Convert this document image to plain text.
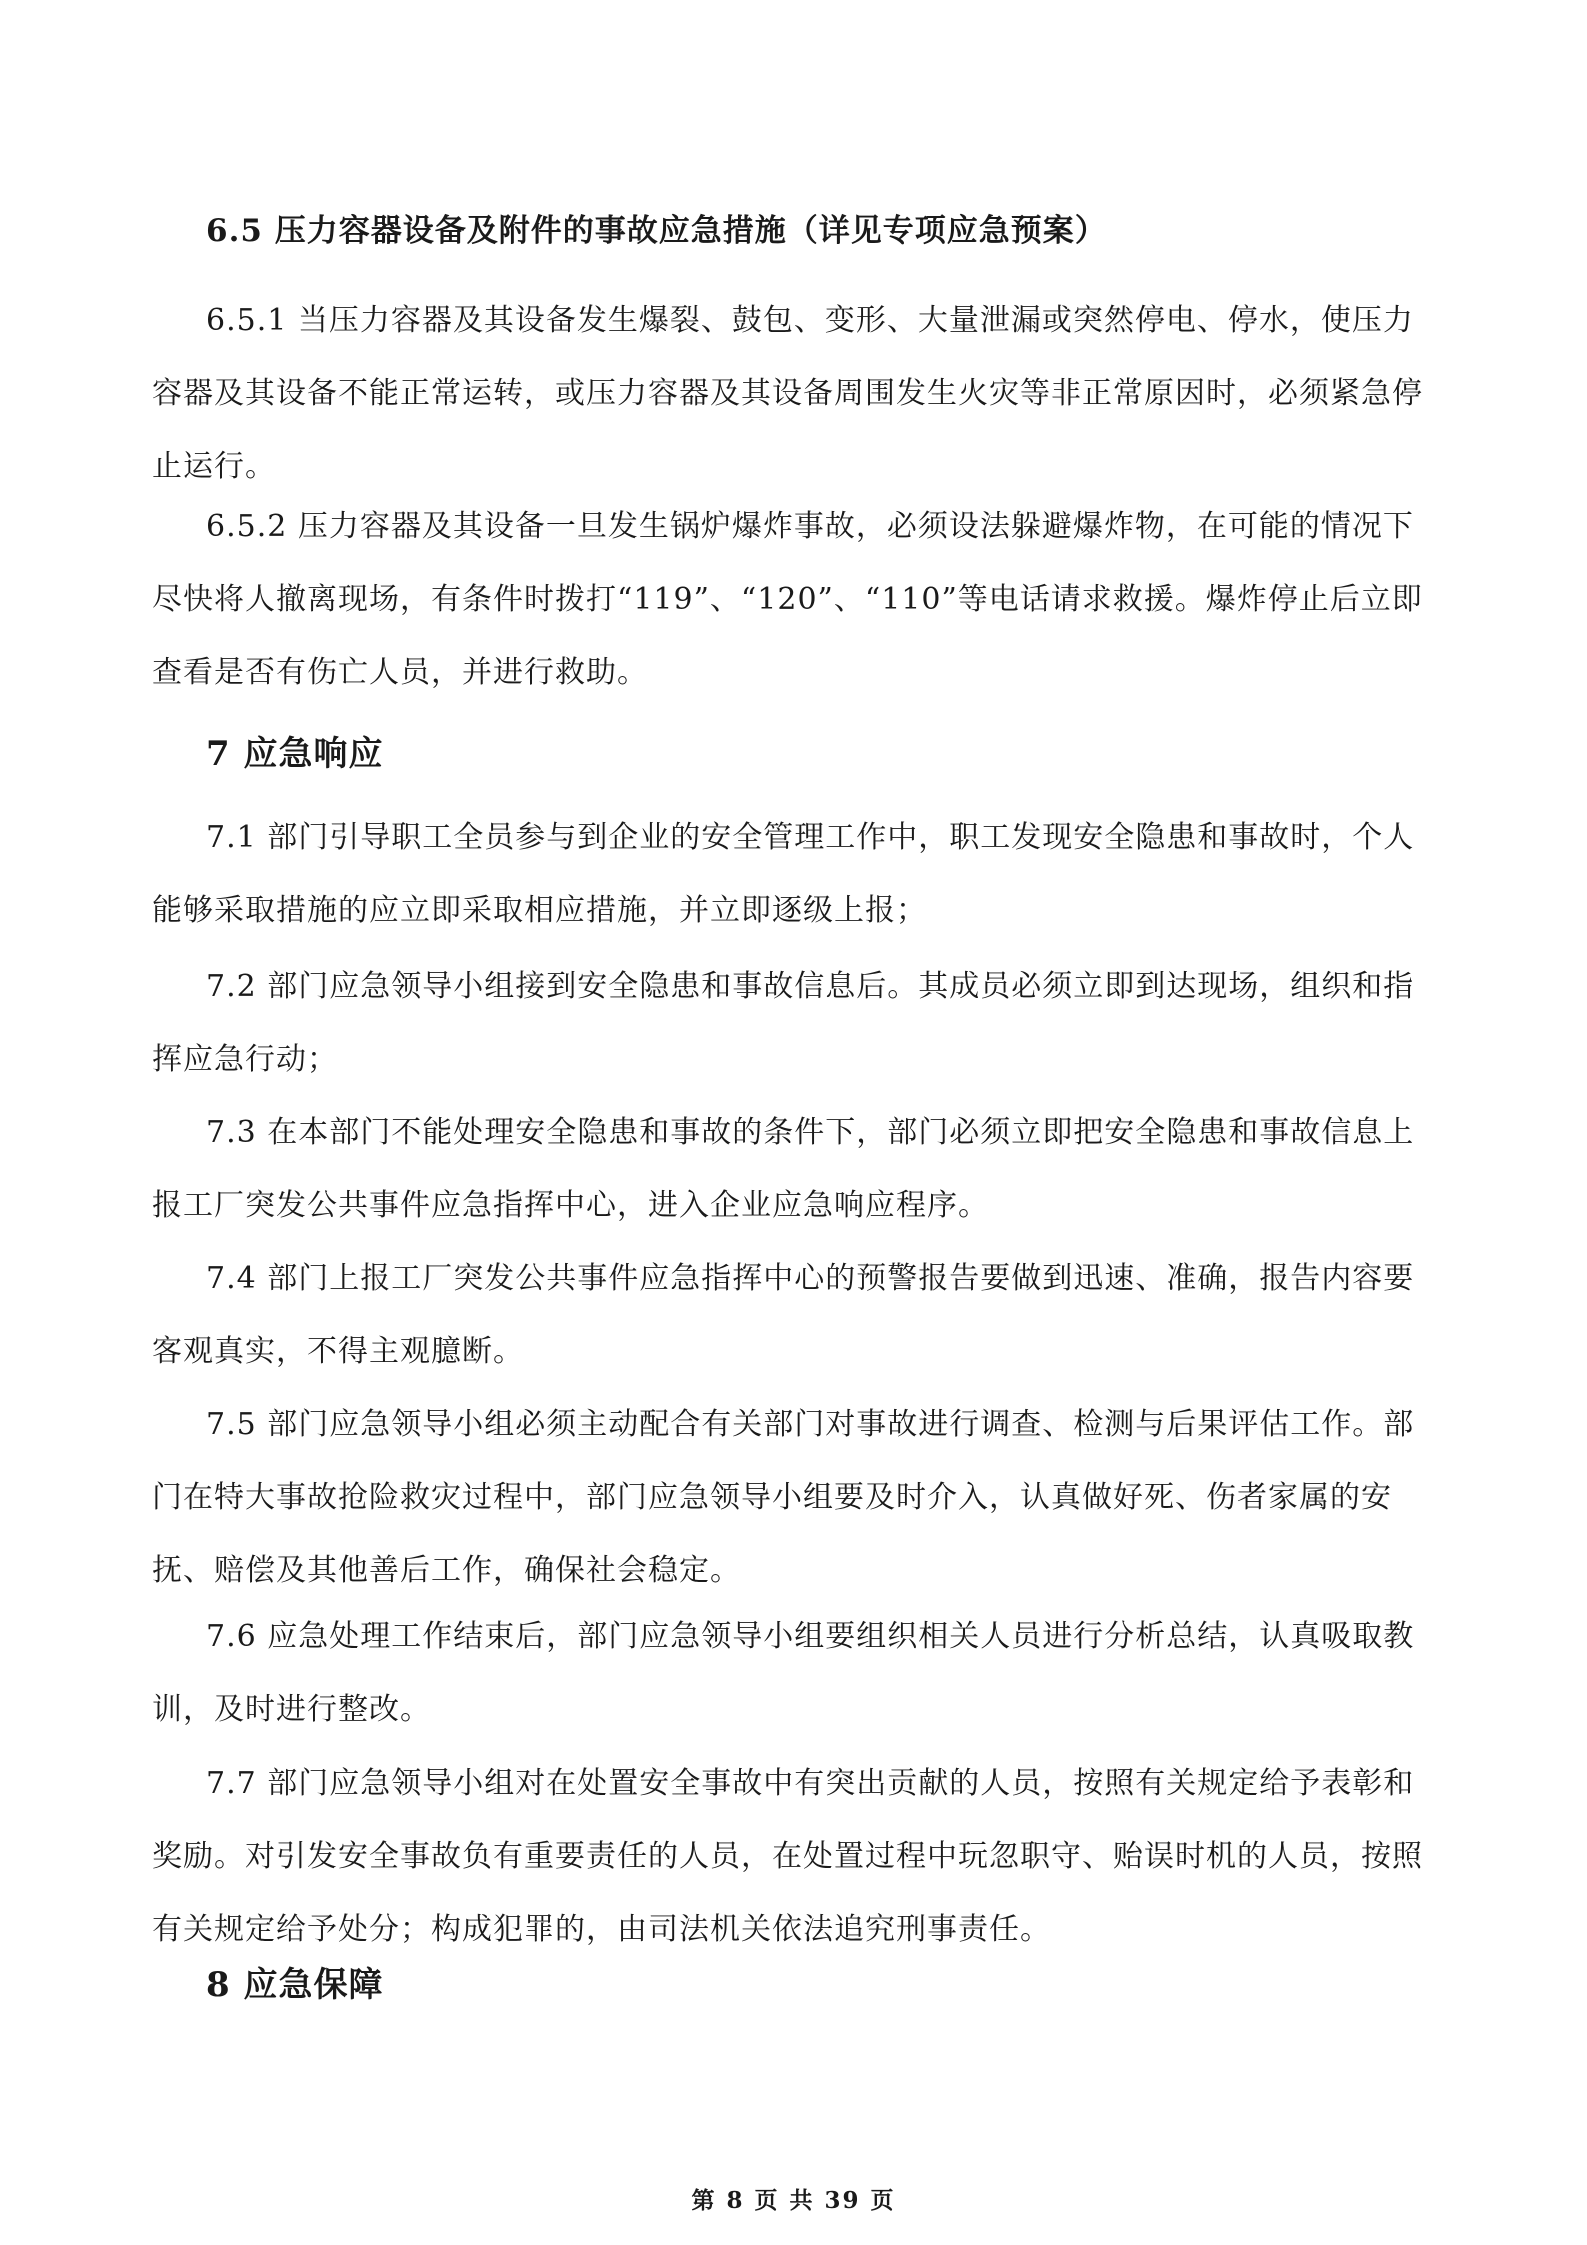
6.5 压力容器设备及附件的事故应急措施（详见专项应急预案）

6.5.1 当压力容器及其设备发生爆裂、鼓包、变形、大量泄漏或突然停电、停水，使压力容器及其设备不能正常运转，或压力容器及其设备周围发生火灾等非正常原因时，必须紧急停止运行。

6.5.2 压力容器及其设备一旦发生锅炉爆炸事故，必须设法躲避爆炸物，在可能的情况下尽快将人撤离现场，有条件时拨打“119”、“120”、“110”等电话请求救援。爆炸停止后立即查看是否有伤亡人员，并进行救助。

7 应急响应

7.1 部门引导职工全员参与到企业的安全管理工作中，职工发现安全隐患和事故时，个人能够采取措施的应立即采取相应措施，并立即逐级上报；

7.2 部门应急领导小组接到安全隐患和事故信息后。其成员必须立即到达现场，组织和指挥应急行动；

7.3 在本部门不能处理安全隐患和事故的条件下，部门必须立即把安全隐患和事故信息上报工厂突发公共事件应急指挥中心，进入企业应急响应程序。

7.4 部门上报工厂突发公共事件应急指挥中心的预警报告要做到迅速、准确，报告内容要客观真实，不得主观臆断。

7.5 部门应急领导小组必须主动配合有关部门对事故进行调查、检测与后果评估工作。部门在特大事故抢险救灾过程中，部门应急领导小组要及时介入，认真做好死、伤者家属的安抚、赔偿及其他善后工作，确保社会稳定。

7.6 应急处理工作结束后，部门应急领导小组要组织相关人员进行分析总结，认真吸取教训，及时进行整改。

7.7 部门应急领导小组对在处置安全事故中有突出贡献的人员，按照有关规定给予表彰和奖励。对引发安全事故负有重要责任的人员，在处置过程中玩忽职守、贻误时机的人员，按照有关规定给予处分；构成犯罪的，由司法机关依法追究刑事责任。

8 应急保障
第 8 页 共 39 页
